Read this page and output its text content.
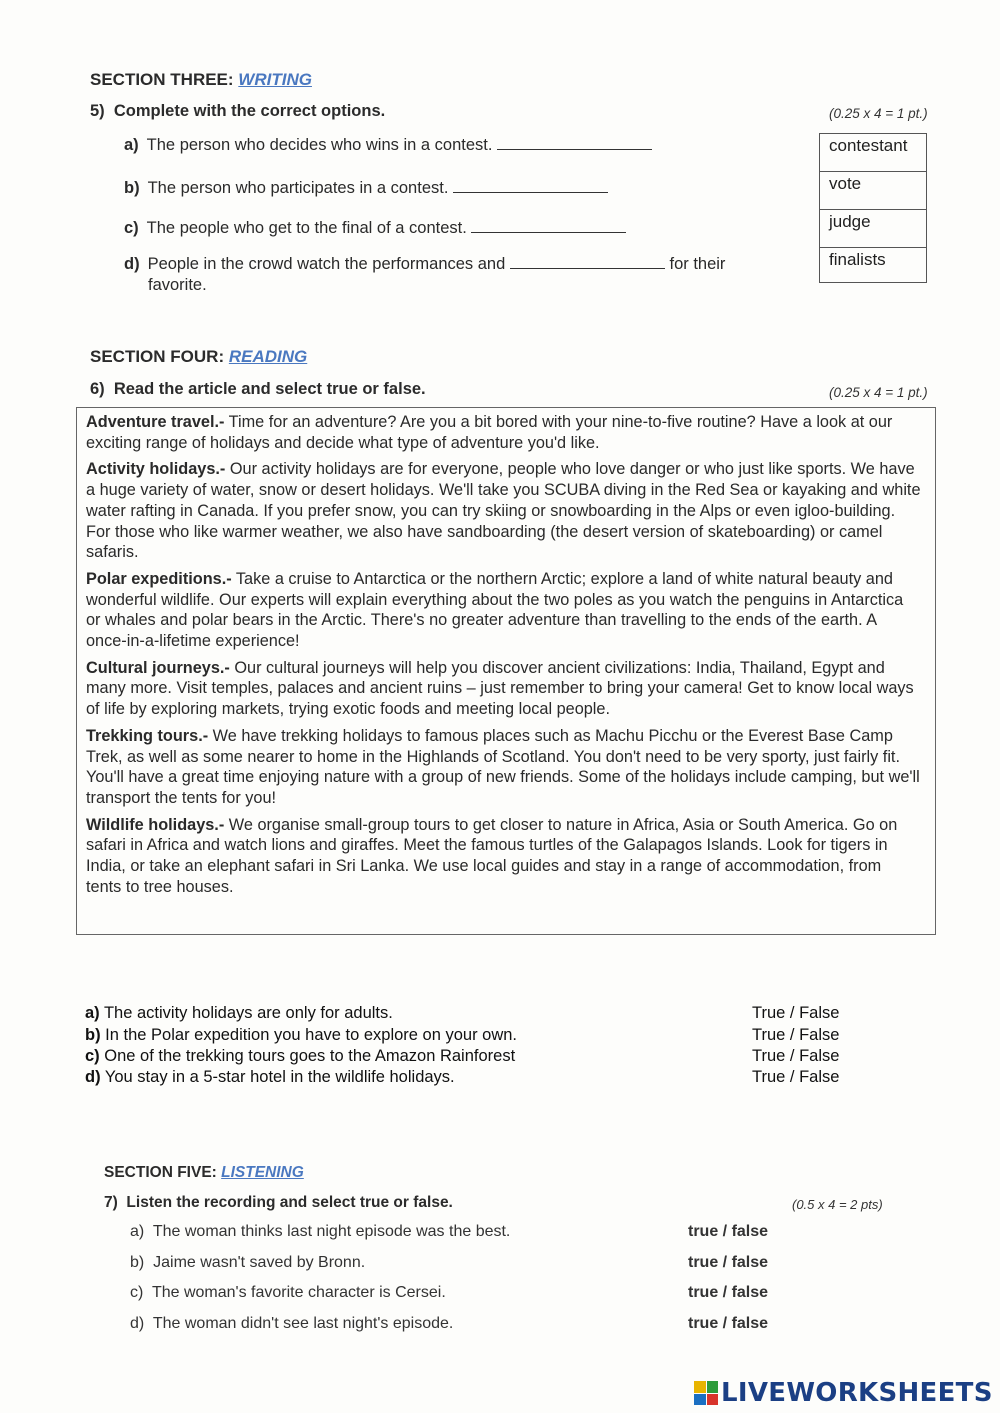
SECTION THREE: WRITING
5) Complete with the correct options.	(0.25 x 4 = 1 pt.)
a) The person who decides who wins in a contest.
b) The person who participates in a contest.
c) The people who get to the final of a contest.
d) People in the crowd watch the performances and	for their
favorite.
contestant
vote
judge
finalists
SECTION FOUR: READING
6) Read the article and select true or false.	(0.25 x 4 = 1 pt.)

Adventure travel.- Time for an adventure? Are you a bit bored with your nine-to-five routine? Have a look at our exciting range of holidays and decide what type of adventure you'd like.

Activity holidays.- Our activity holidays are for everyone, people who love danger or who just like sports. We have a huge variety of water, snow or desert holidays. We'll take you SCUBA diving in the Red Sea or kayaking and white water rafting in Canada. If you prefer snow, you can try skiing or snowboarding in the Alps or even igloo-building. For those who like warmer weather, we also have sandboarding (the desert version of skateboarding) or camel safaris.

Polar expeditions.- Take a cruise to Antarctica or the northern Arctic; explore a land of white natural beauty and wonderful wildlife. Our experts will explain everything about the two poles as you watch the penguins in Antarctica or whales and polar bears in the Arctic. There's no greater adventure than travelling to the ends of the earth. A once-in-a-lifetime experience!

Cultural journeys.- Our cultural journeys will help you discover ancient civilizations: India, Thailand, Egypt and many more. Visit temples, palaces and ancient ruins – just remember to bring your camera! Get to know local ways of life by exploring markets, trying exotic foods and meeting local people.

Trekking tours.- We have trekking holidays to famous places such as Machu Picchu or the Everest Base Camp Trek, as well as some nearer to home in the Highlands of Scotland. You don't need to be very sporty, just fairly fit. You'll have a great time enjoying nature with a group of new friends. Some of the holidays include camping, but we'll transport the tents for you!

Wildlife holidays.- We organise small-group tours to get closer to nature in Africa, Asia or South America. Go on safari in Africa and watch lions and giraffes. Meet the famous turtles of the Galapagos Islands. Look for tigers in India, or take an elephant safari in Sri Lanka. We use local guides and stay in a range of accommodation, from tents to tree houses.

a) The activity holidays are only for adults.	True / False
b) In the Polar expedition you have to explore on your own.	True / False
c) One of the trekking tours goes to the Amazon Rainforest	True / False
d) You stay in a 5-star hotel in the wildlife holidays.	True / False
SECTION FIVE: LISTENING
7) Listen the recording and select true or false.	(0.5 x 4 = 2 pts)
a) The woman thinks last night episode was the best.	true / false
b) Jaime wasn't saved by Bronn.	true / false
c) The woman's favorite character is Cersei.	true / false
d) The woman didn't see last night's episode.	true / false
LIVEWORKSHEETS
